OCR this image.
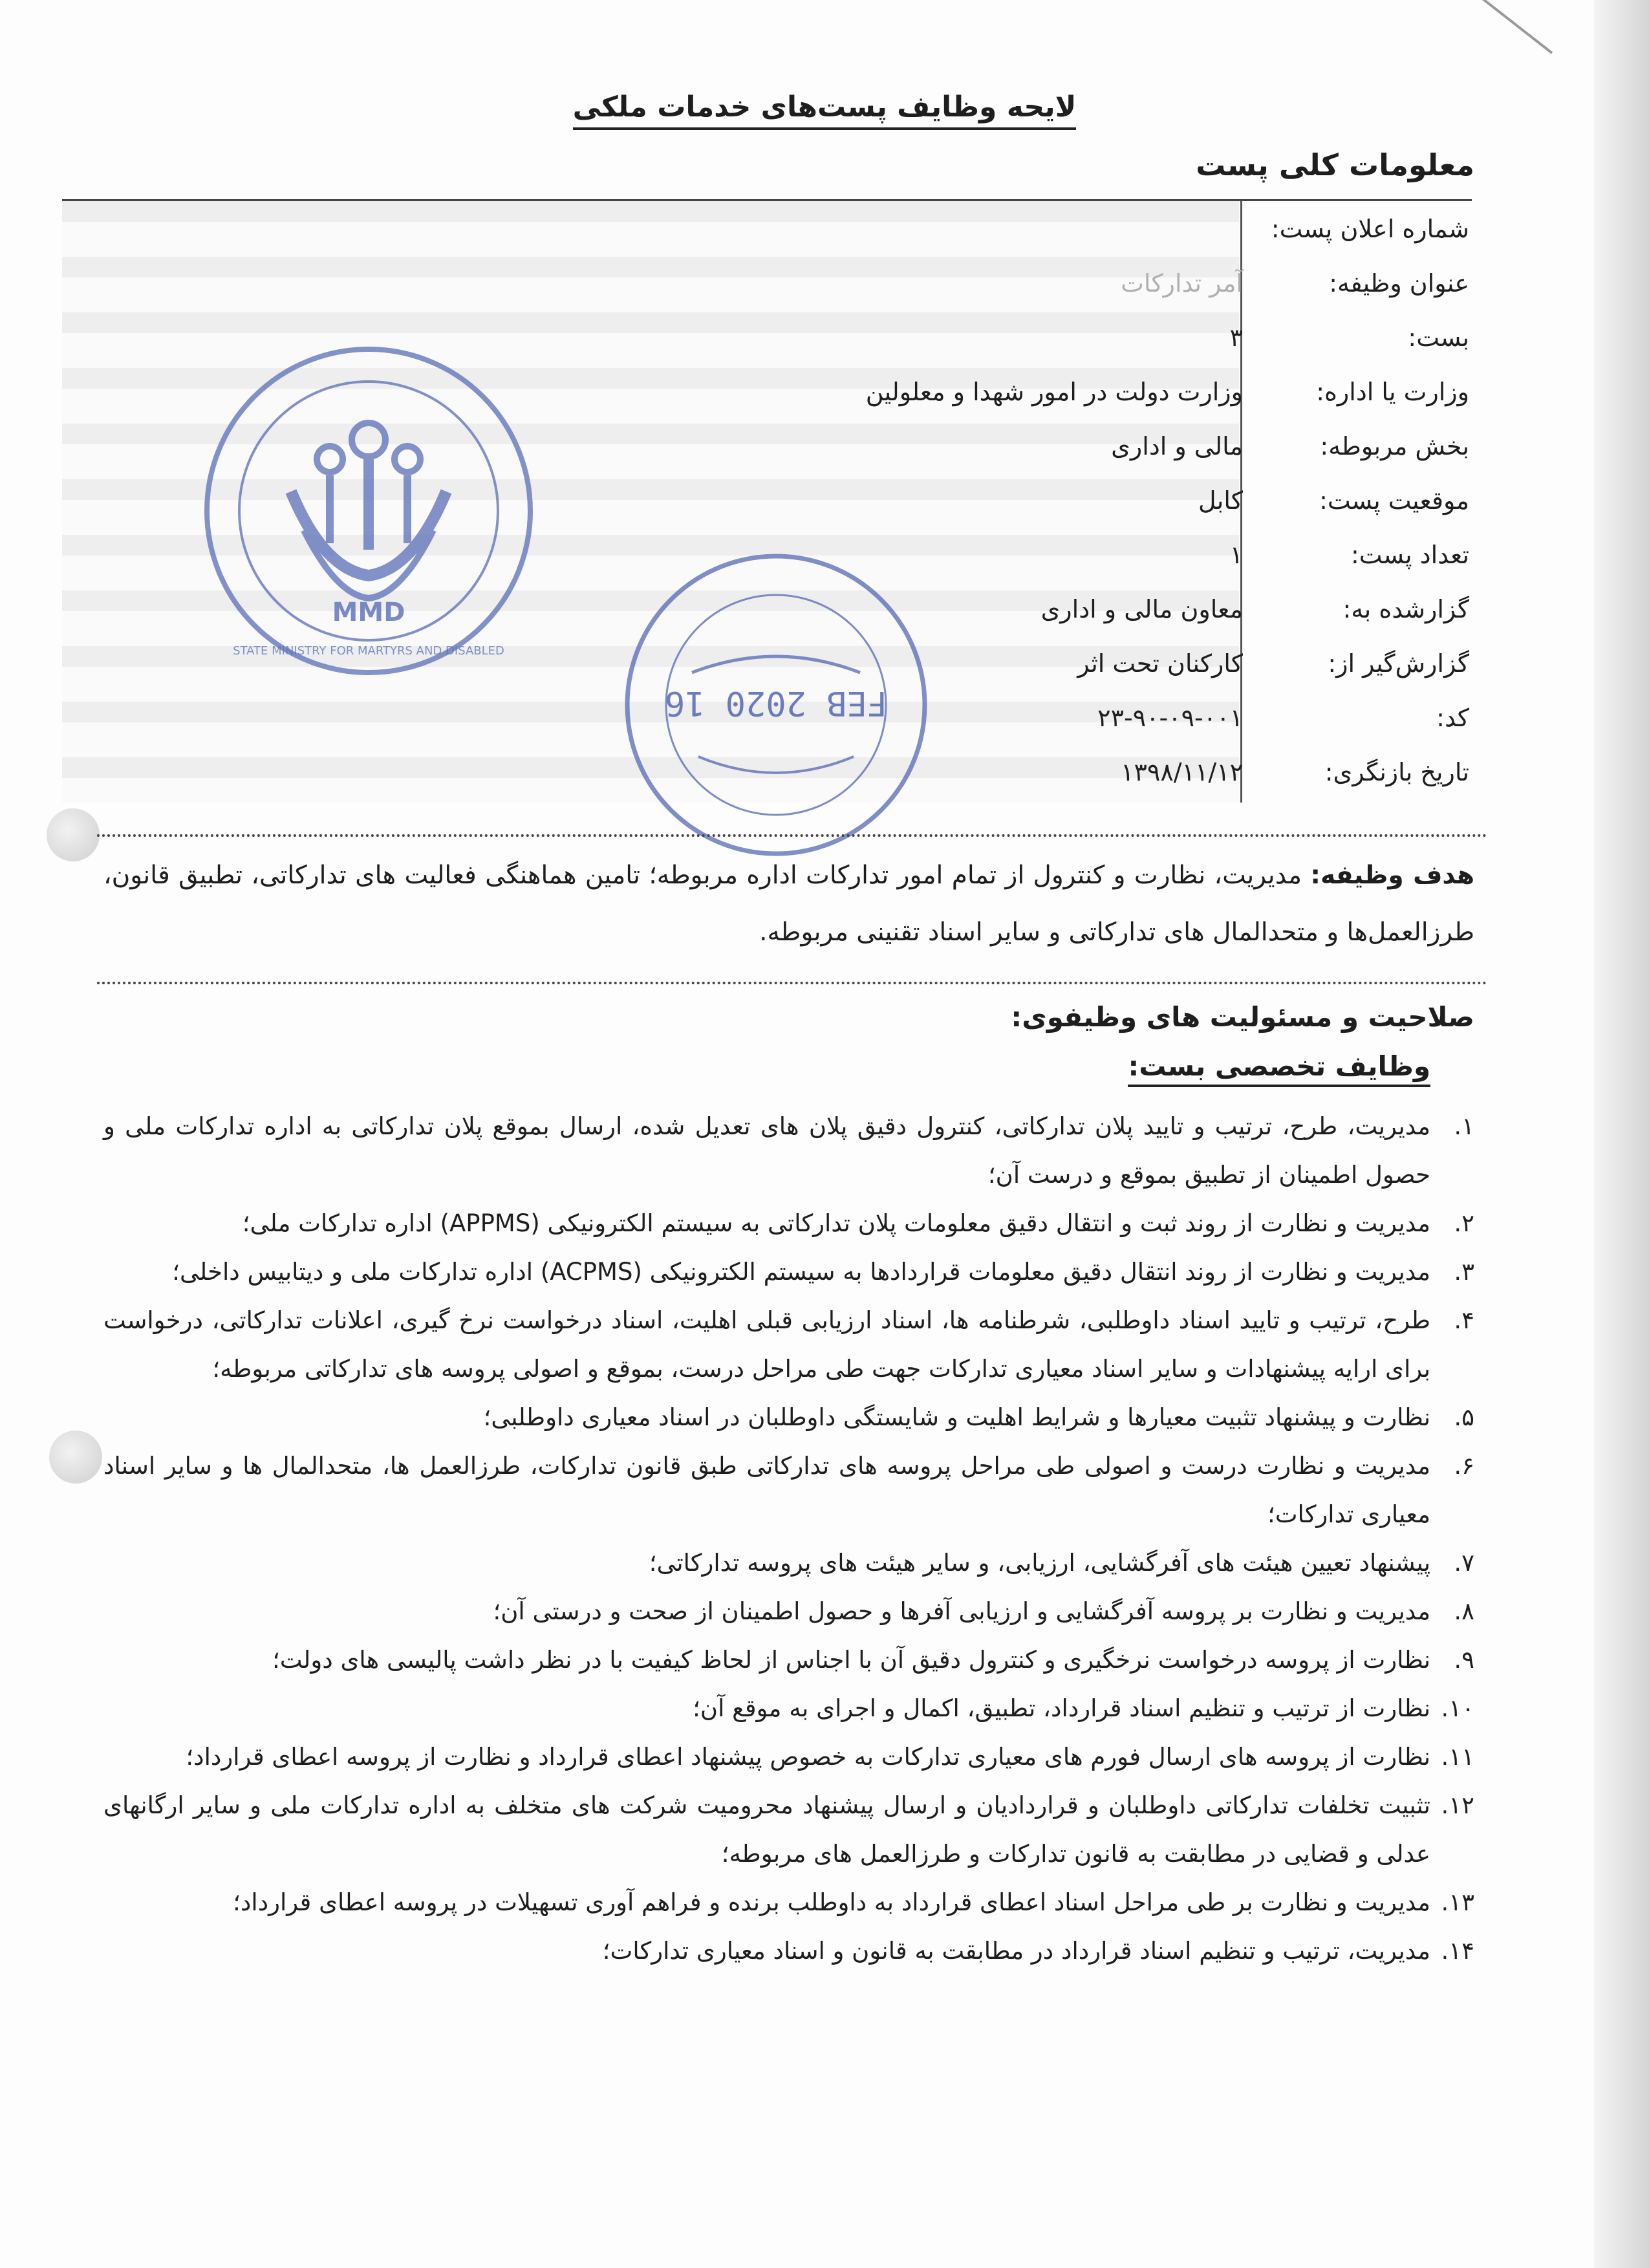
لایحه وظایف پست‌های خدمات ملکی
معلومات کلی پست
شماره اعلان پست:
عنوان وظیفه:
آمر تدارکات
بست:
۳
وزارت یا اداره:
وزارت دولت در امور شهدا و معلولین
بخش مربوطه:
مالی و اداری
موقعیت پست:
کابل
تعداد پست:
۱
گزارشده به:
معاون مالی و اداری
گزارش‌گیر از:
کارکنان تحت اثر
کد:
۲۳-۹۰-۰۹-۰۰۱
تاریخ بازنگری:
۱۳۹۸/۱۱/۱۲
MMD
STATE MINISTRY FOR MARTYRS AND DISABLED
16 FEB 2020
هدف وظیفه: مدیریت، نظارت و کنترول از تمام امور تدارکات اداره مربوطه؛ تامین هماهنگی فعالیت های تدارکاتی، تطبیق قانون، طرزالعمل‌ها و متحدالمال های تدارکاتی و سایر اسناد تقنینی مربوطه.
صلاحیت و مسئولیت های وظیفوی:
وظایف تخصصی بست:
۱.
مدیریت، طرح، ترتیب و تایید پلان تدارکاتی، کنترول دقیق پلان های تعدیل شده، ارسال بموقع پلان تدارکاتی به اداره تدارکات ملی و حصول اطمینان از تطبیق بموقع و درست آن؛
۲.
مدیریت و نظارت از روند ثبت و انتقال دقیق معلومات پلان تدارکاتی به سیستم الکترونیکی (APPMS) اداره تدارکات ملی؛
۳.
مدیریت و نظارت از روند انتقال دقیق معلومات قراردادها به سیستم الکترونیکی (ACPMS) اداره تدارکات ملی و دیتابیس داخلی؛
۴.
طرح، ترتیب و تایید اسناد داوطلبی، شرطنامه ها، اسناد ارزیابی قبلی اهلیت، اسناد درخواست نرخ گیری، اعلانات تدارکاتی، درخواست برای ارایه پیشنهادات و سایر اسناد معیاری تدارکات جهت طی مراحل درست، بموقع و اصولی پروسه های تدارکاتی مربوطه؛
۵.
نظارت و پیشنهاد تثبیت معیارها و شرایط اهلیت و شایستگی داوطلبان در اسناد معیاری داوطلبی؛
۶.
مدیریت و نظارت درست و اصولی طی مراحل پروسه های تدارکاتی طبق قانون تدارکات، طرزالعمل ها، متحدالمال ها و سایر اسناد معیاری تدارکات؛
۷.
پیشنهاد تعیین هیئت های آفرگشایی، ارزیابی، و سایر هیئت های پروسه تدارکاتی؛
۸.
مدیریت و نظارت بر پروسه آفرگشایی و ارزیابی آفرها و حصول اطمینان از صحت و درستی آن؛
۹.
نظارت از پروسه درخواست نرخگیری و کنترول دقیق آن با اجناس از لحاظ کیفیت با در نظر داشت پالیسی های دولت؛
۱۰.
نظارت از ترتیب و تنظیم اسناد قرارداد، تطبیق، اکمال و اجرای به موقع آن؛
۱۱.
نظارت از پروسه های ارسال فورم های معیاری تدارکات به خصوص پیشنهاد اعطای قرارداد و نظارت از پروسه اعطای قرارداد؛
۱۲.
تثبیت تخلفات تدارکاتی داوطلبان و قراردادیان و ارسال پیشنهاد محرومیت شرکت های متخلف به اداره تدارکات ملی و سایر ارگانهای عدلی و قضایی در مطابقت به قانون تدارکات و طرزالعمل های مربوطه؛
۱۳.
مدیریت و نظارت بر طی مراحل اسناد اعطای قرارداد به داوطلب برنده و فراهم آوری تسهیلات در پروسه اعطای قرارداد؛
۱۴.
مدیریت، ترتیب و تنظیم اسناد قرارداد در مطابقت به قانون و اسناد معیاری تدارکات؛
